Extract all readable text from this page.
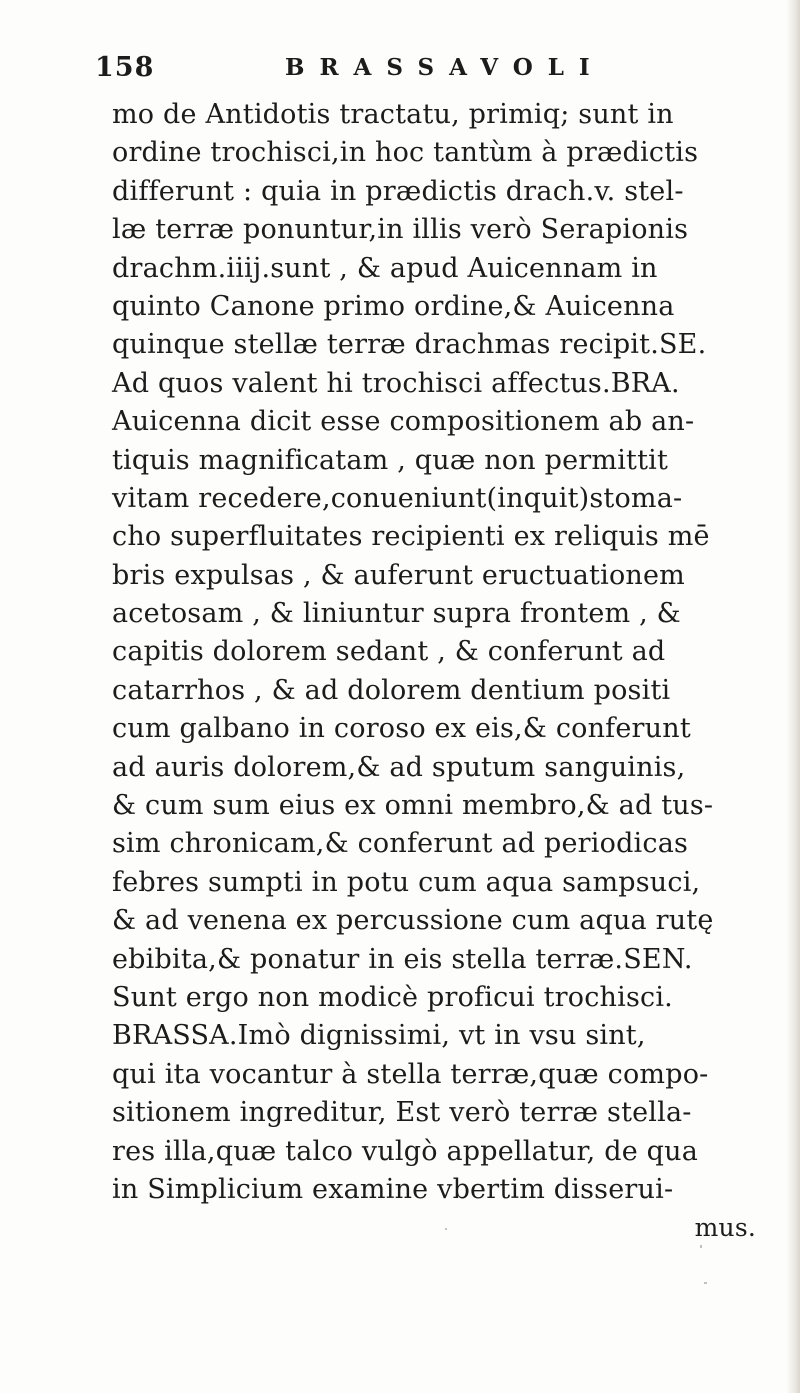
158	BRASSAVOLI
mo de Antidotis tractatu, primiq; sunt in
ordine trochisci,in hoc tantùm à prædictis
differunt : quia in prædictis drach.v. stel-
læ terræ ponuntur,in illis verò Serapionis
drachm.iiij.sunt , & apud Auicennam in
quinto Canone primo ordine,& Auicenna
quinque stellæ terræ drachmas recipit.SE.
Ad quos valent hi trochisci affectus.BRA.
Auicenna dicit esse compositionem ab an-
tiquis magnificatam , quæ non permittit
vitam recedere,conueniunt(inquit)stoma-
cho superfluitates recipienti ex reliquis mē
bris expulsas , & auferunt eructuationem
acetosam , & liniuntur supra frontem , &
capitis dolorem sedant , & conferunt ad
catarrhos , & ad dolorem dentium positi
cum galbano in coroso ex eis,& conferunt
ad auris dolorem,& ad sputum sanguinis,
& cum sum eius ex omni membro,& ad tus-
sim chronicam,& conferunt ad periodicas
febres sumpti in potu cum aqua sampsuci,
& ad venena ex percussione cum aqua rutę
ebibita,& ponatur in eis stella terræ.SEN.
Sunt ergo non modicè proficui trochisci.
BRASSA.Imò dignissimi, vt in vsu sint,
qui ita vocantur à stella terræ,quæ compo-
sitionem ingreditur, Est verò terræ stella-
res illa,quæ talco vulgò appellatur, de qua
in Simplicium examine vbertim disserui-
mus.
